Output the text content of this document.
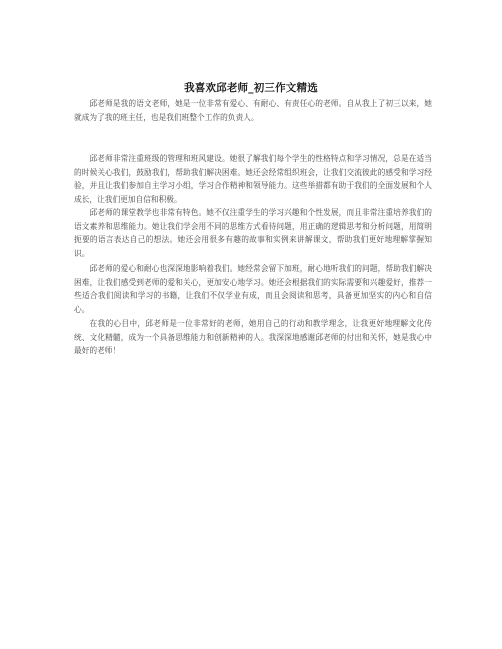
我喜欢邱老师_初三作文精选

邱老师是我的语文老师，她是一位非常有爱心、有耐心、有责任心的老师。自从我上了初三以来，她就成为了我的班主任，也是我们班整个工作的负责人。

邱老师非常注重班级的管理和班风建设。她很了解我们每个学生的性格特点和学习情况，总是在适当的时候关心我们，鼓励我们，帮助我们解决困难。她还会经常组织班会，让我们交流彼此的感受和学习经验，并且让我们参加自主学习小组，学习合作精神和领导能力。这些举措都有助于我们的全面发展和个人成长，让我们更加自信和积极。

邱老师的课堂教学也非常有特色。她不仅注重学生的学习兴趣和个性发展，而且非常注重培养我们的语文素养和思维能力。她让我们学会用不同的思维方式看待问题，用正确的逻辑思考和分析问题，用简明扼要的语言表达自己的想法。她还会用很多有趣的故事和实例来讲解课文，帮助我们更好地理解掌握知识。

邱老师的爱心和耐心也深深地影响着我们。她经常会留下加班，耐心地听我们的问题，帮助我们解决困难，让我们感受到老师的爱和关心，更加安心地学习。她还会根据我们的实际需要和兴趣爱好，推荐一些适合我们阅读和学习的书籍，让我们不仅学业有成，而且会阅读和思考，具备更加坚实的内心和自信心。

在我的心目中，邱老师是一位非常好的老师，她用自己的行动和教学理念，让我更好地理解文化传统、文化精髓，成为一个具备思维能力和创新精神的人。我深深地感谢邱老师的付出和关怀，她是我心中最好的老师！
